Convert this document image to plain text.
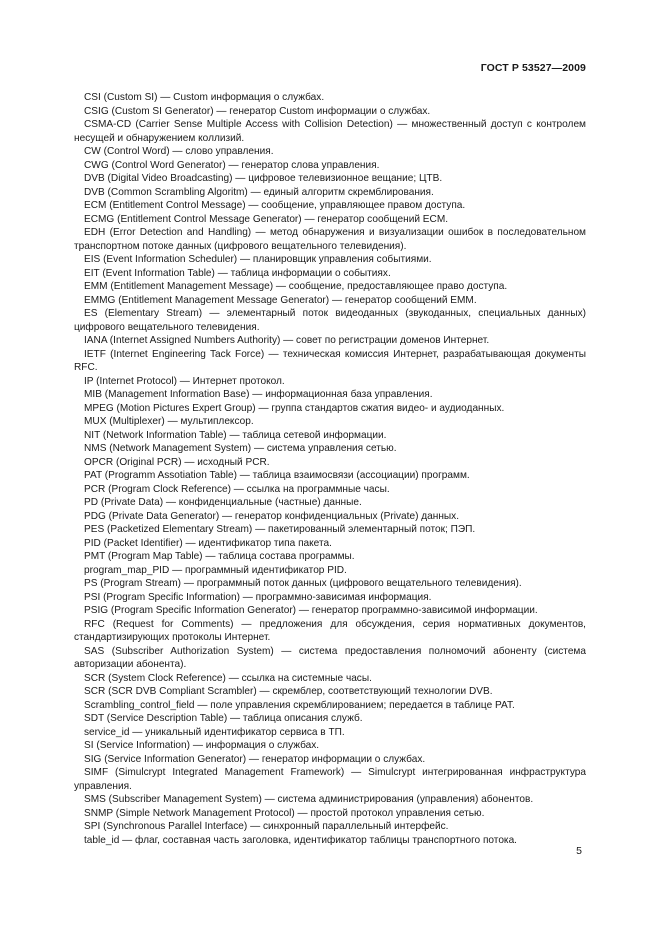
ГОСТ Р 53527—2009

CSI (Custom SI) — Custom информация о службах.

CSIG (Custom SI Generator) — генератор Custom информации о службах.

CSMA-CD (Carrier Sense Multiple Access with Collision Detection) — множественный доступ с контролем несущей и обнаружением коллизий.

CW (Control Word) — слово управления.

CWG (Control Word Generator) — генератор слова управления.

DVB (Digital Video Broadcasting) — цифровое телевизионное вещание; ЦТВ.

DVB (Common Scrambling Algoritm) — единый алгоритм скремблирования.

ECM (Entitlement Control Message) — сообщение, управляющее правом доступа.

ECMG (Entitlement Control Message Generator) — генератор сообщений ECM.

EDH (Error Detection and Handling) — метод обнаружения и визуализации ошибок в последовательном транспортном потоке данных (цифрового вещательного телевидения).

EIS (Event Information Scheduler) — планировщик управления событиями.

EIT (Event Information Table) — таблица информации о событиях.

EMM (Entitlement Management Message) — сообщение, предоставляющее право доступа.

EMMG (Entitlement Management Message Generator) — генератор сообщений EMM.

ES (Elementary Stream) — элементарный поток видеоданных (звукоданных, специальных данных) цифрового вещательного телевидения.

IANA (Internet Assigned Numbers Authority) — совет по регистрации доменов Интернет.

IETF (Internet Engineering Tack Force) — техническая комиссия Интернет, разрабатывающая документы RFC.

IP (Internet Protocol) — Интернет протокол.

MIB (Management Information Base) — информационная база управления.

MPEG (Motion Pictures Expert Group) — группа стандартов сжатия видео- и аудиоданных.

MUX (Multiplexer) — мультиплексор.

NIT (Network Information Table) — таблица сетевой информации.

NMS (Network Management System) — система управления сетью.

OPCR (Original PCR) — исходный PCR.

PAT (Programm Assotiation Table) — таблица взаимосвязи (ассоциации) программ.

PCR (Program Clock Reference) — ссылка на программные часы.

PD (Private Data) — конфиденциальные (частные) данные.

PDG (Private Data Generator) — генератор конфиденциальных (Private) данных.

PES (Packetized Elementary Stream) — пакетированный элементарный поток; ПЭП.

PID (Packet Identifier) — идентификатор типа пакета.

PMT (Program Map Table) — таблица состава программы.

program_map_PID — программный идентификатор PID.

PS (Program Stream) — программный поток данных (цифрового вещательного телевидения).

PSI (Program Specific Information) — программно-зависимая информация.

PSIG (Program Specific Information Generator) — генератор программно-зависимой информации.

RFC (Request for Comments) — предложения для обсуждения, серия нормативных документов, стандартизирующих протоколы Интернет.

SAS (Subscriber Authorization System) — система предоставления полномочий абоненту (система авторизации абонента).

SCR (System Clock Reference) — ссылка на системные часы.

SCR (SCR DVB Compliant Scrambler) — скремблер, соответствующий технологии DVB.

Scrambling_control_field — поле управления скремблированием; передается в таблице PAT.

SDT (Service Description Table) — таблица описания служб.

service_id — уникальный идентификатор сервиса в ТП.

SI (Service Information) — информация о службах.

SIG (Service Information Generator) — генератор информации о службах.

SIMF (Simulcrypt Integrated Management Framework) — Simulcrypt интегрированная инфраструктура управления.

SMS (Subscriber Management System) — система администрирования (управления) абонентов.

SNMP (Simple Network Management Protocol) — простой протокол управления сетью.

SPI (Synchronous Parallel Interface) — синхронный параллельный интерфейс.

table_id — флаг, составная часть заголовка, идентификатор таблицы транспортного потока.

5
